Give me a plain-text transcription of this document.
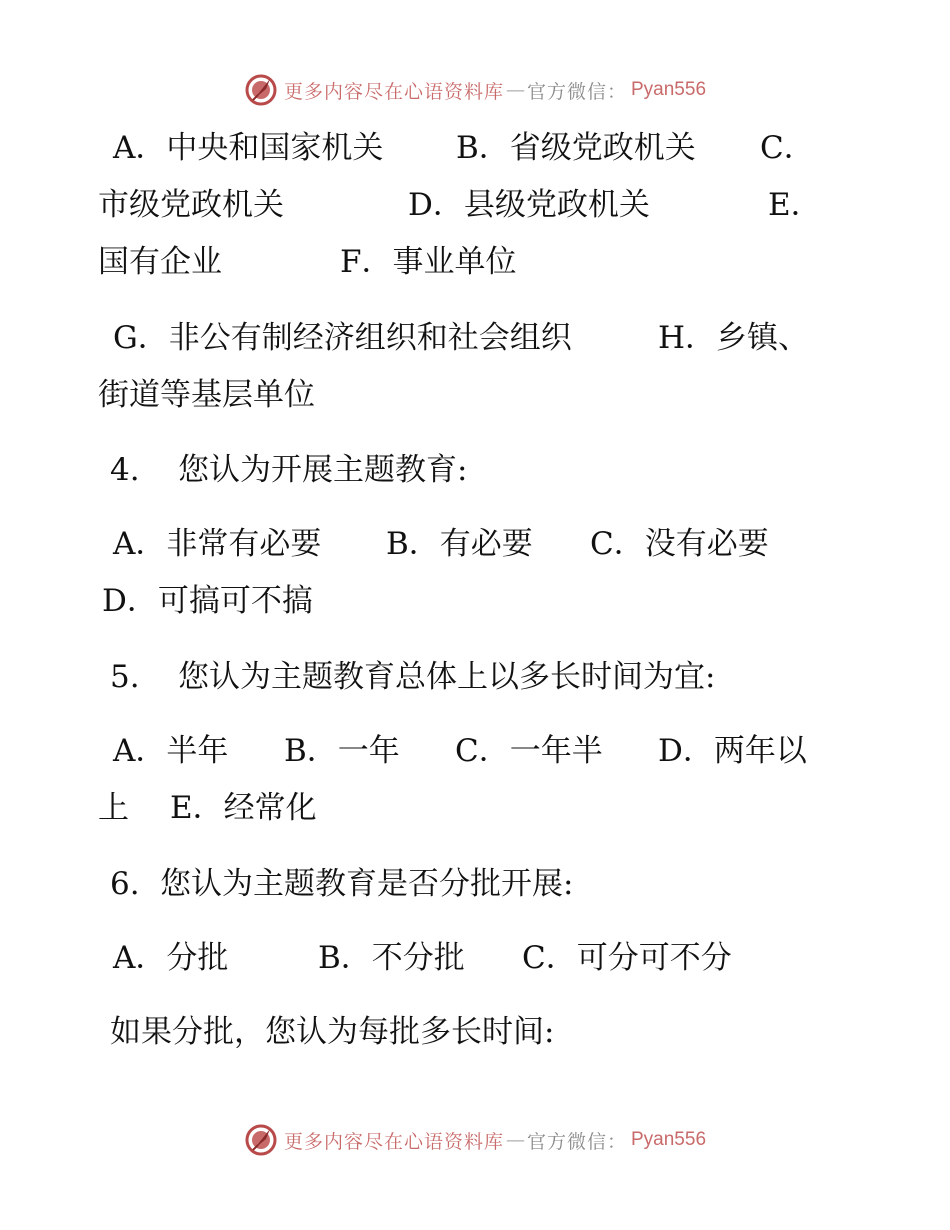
更多内容尽在心语资料库 — 官方微信： Pyan556
A．中央和国家机关 B．省级党政机关 C．
市级党政机关	D．县级党政机关	E．
国有企业	F．事业单位
G．非公有制经济组织和社会组织	H．乡镇、
街道等基层单位
4. 您认为开展主题教育:
A．非常有必要 B．有必要 C．没有必要
D．可搞可不搞
5. 您认为主题教育总体上以多长时间为宜:
A．半年 B．一年 C．一年半 D．两年以
上 E．经常化
6. 您认为主题教育是否分批开展:
A．分批	B．不分批 C．可分可不分
如果分批，您认为每批多长时间:
更多内容尽在心语资料库 — 官方微信： Pyan556
